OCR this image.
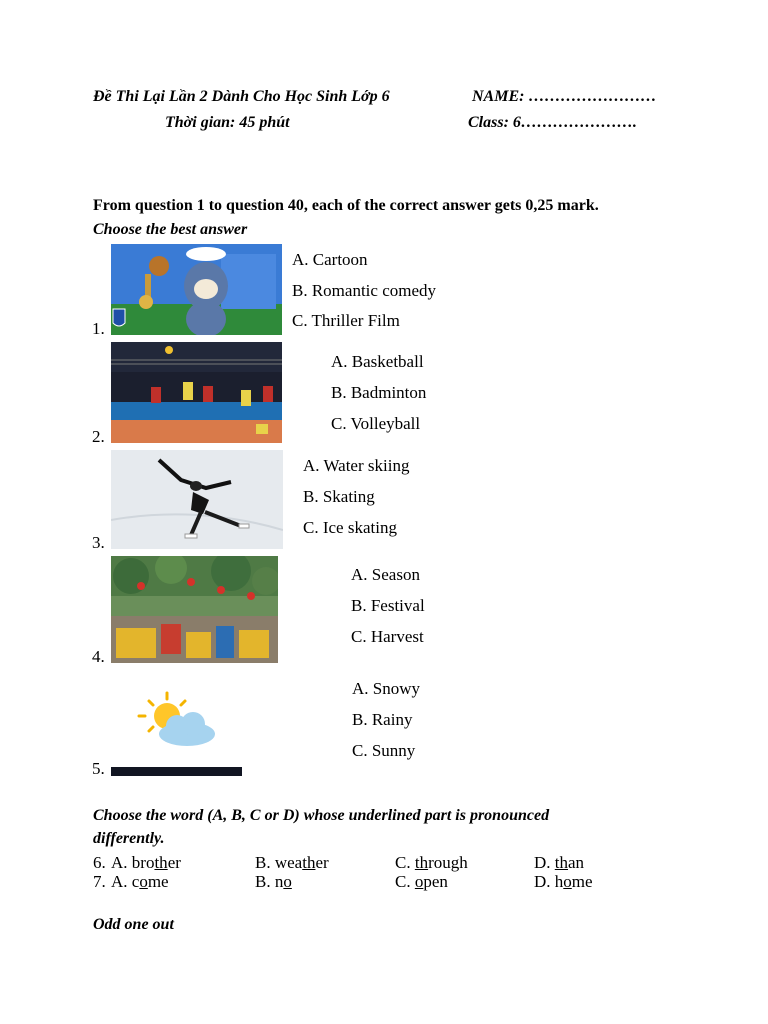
Đề Thi Lại Lần 2 Dành Cho Học Sinh Lớp 6	NAME: ……………………
Thời gian: 45 phút	Class: 6………………….
From question 1 to question 40, each of the correct answer gets 0,25 mark.
Choose the best answer
1.
A. Cartoon
B. Romantic comedy
C. Thriller Film
2.
A. Basketball
B. Badminton
C. Volleyball
3.
A. Water skiing
B. Skating
C. Ice skating
4.
A. Season
B. Festival
C. Harvest
5.
A. Snowy
B. Rainy
C. Sunny
Choose the word (A, B, C or D) whose underlined part is pronounced
differently.
6. A. brother	B. weather	C. through	D. than
7. A. come	B. no	C. open	D. home
Odd one out
